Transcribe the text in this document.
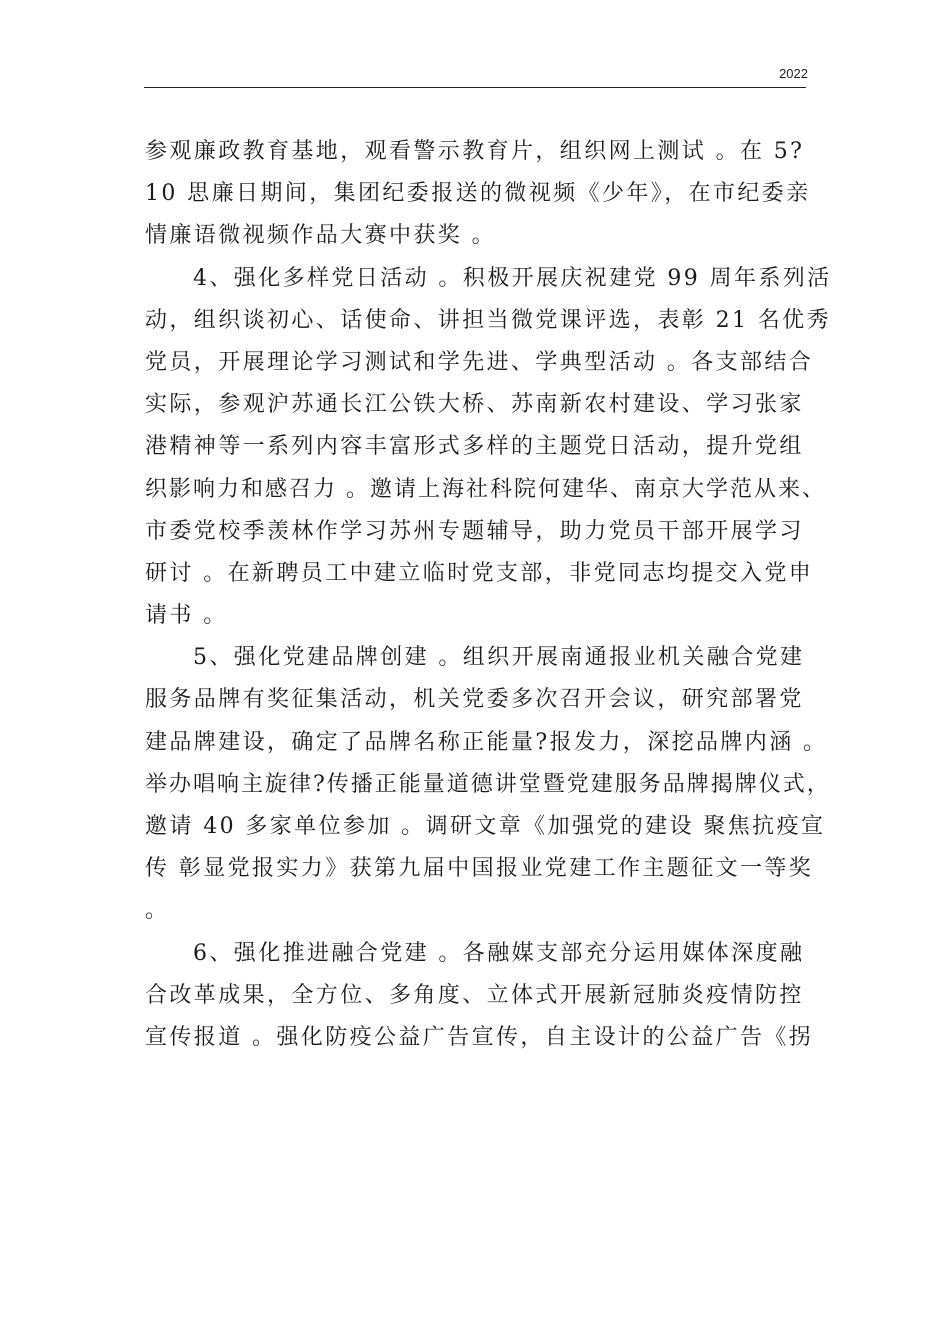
2022
参观廉政教育基地，观看警示教育片，组织网上测试 。在 5?
10 思廉日期间，集团纪委报送的微视频《少年》，在市纪委亲
情廉语微视频作品大赛中获奖 。
4、强化多样党日活动 。积极开展庆祝建党 99 周年系列活
动，组织谈初心、话使命、讲担当微党课评选，表彰 21 名优秀
党员，开展理论学习测试和学先进、学典型活动 。各支部结合
实际，参观沪苏通长江公铁大桥、苏南新农村建设、学习张家
港精神等一系列内容丰富形式多样的主题党日活动，提升党组
织影响力和感召力 。邀请上海社科院何建华、南京大学范从来、
市委党校季羡林作学习苏州专题辅导，助力党员干部开展学习
研讨 。在新聘员工中建立临时党支部，非党同志均提交入党申
请书 。
5、强化党建品牌创建 。组织开展南通报业机关融合党建
服务品牌有奖征集活动，机关党委多次召开会议，研究部署党
建品牌建设，确定了品牌名称正能量?报发力，深挖品牌内涵 。
举办唱响主旋律?传播正能量道德讲堂暨党建服务品牌揭牌仪式，
邀请 40 多家单位参加 。调研文章《加强党的建设 聚焦抗疫宣
传 彰显党报实力》获第九届中国报业党建工作主题征文一等奖
。
6、强化推进融合党建 。各融媒支部充分运用媒体深度融
合改革成果，全方位、多角度、立体式开展新冠肺炎疫情防控
宣传报道 。强化防疫公益广告宣传，自主设计的公益广告《拐
